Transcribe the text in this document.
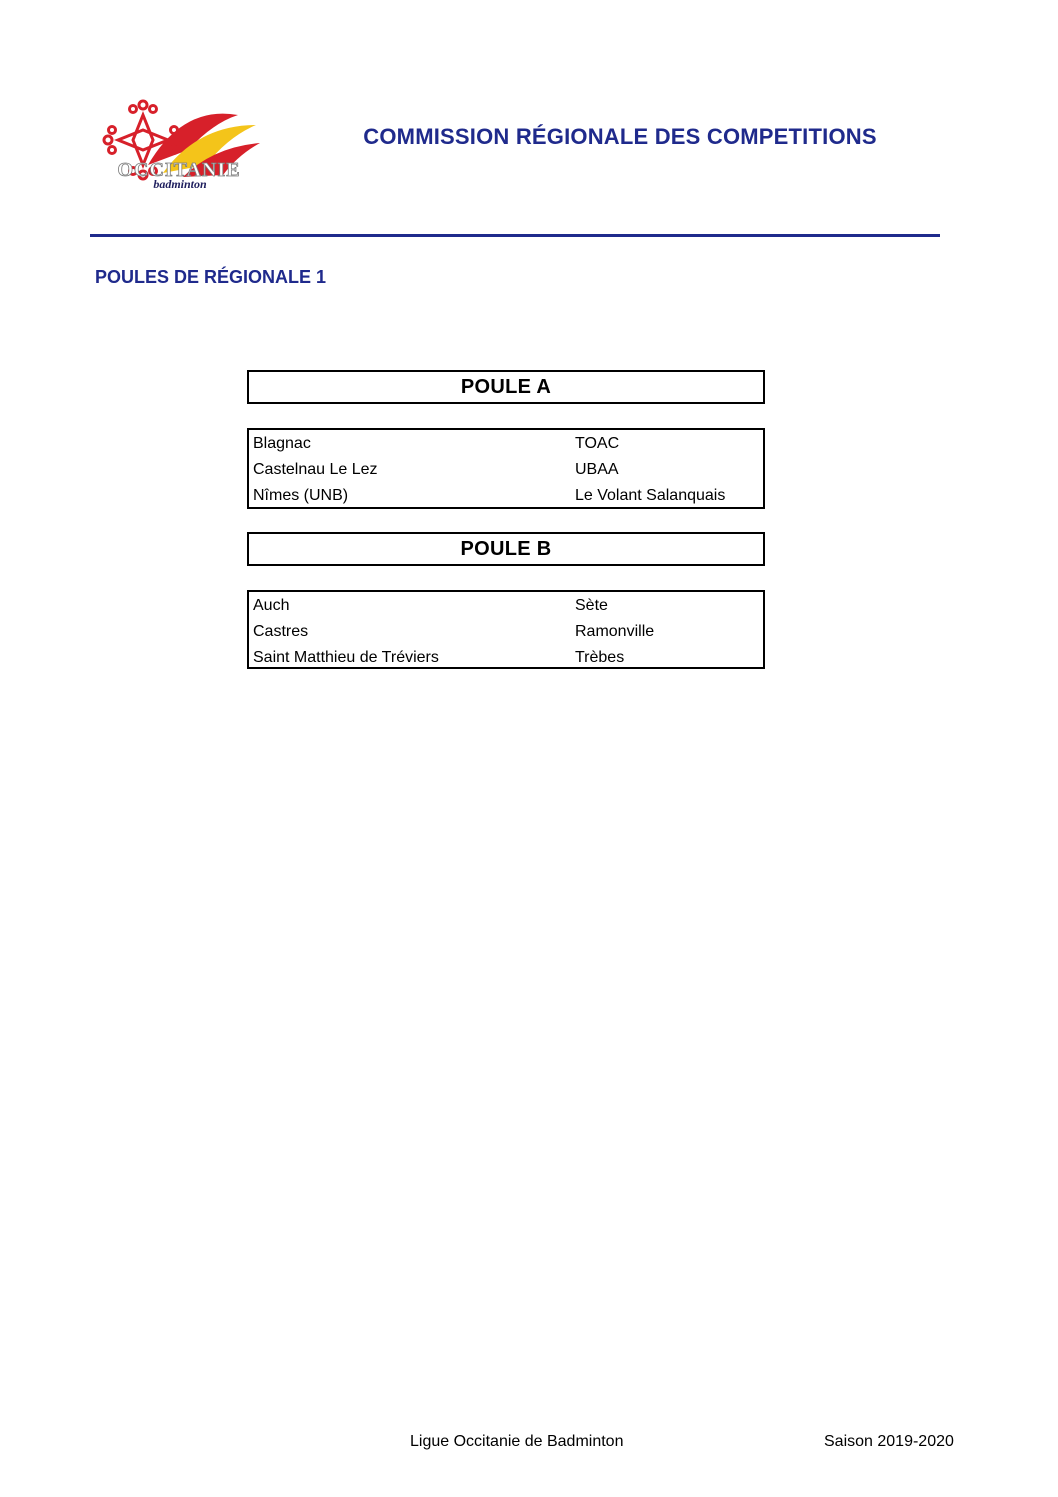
OCCITANIE
badminton
COMMISSION RÉGIONALE DES COMPETITIONS
POULES DE RÉGIONALE 1
POULE A
Blagnac	TOAC
Castelnau Le Lez	UBAA
Nîmes (UNB)	Le Volant Salanquais
POULE B
Auch	Sète
Castres	Ramonville
Saint Matthieu de Tréviers	Trèbes
Ligue Occitanie de Badminton	Saison 2019-2020
